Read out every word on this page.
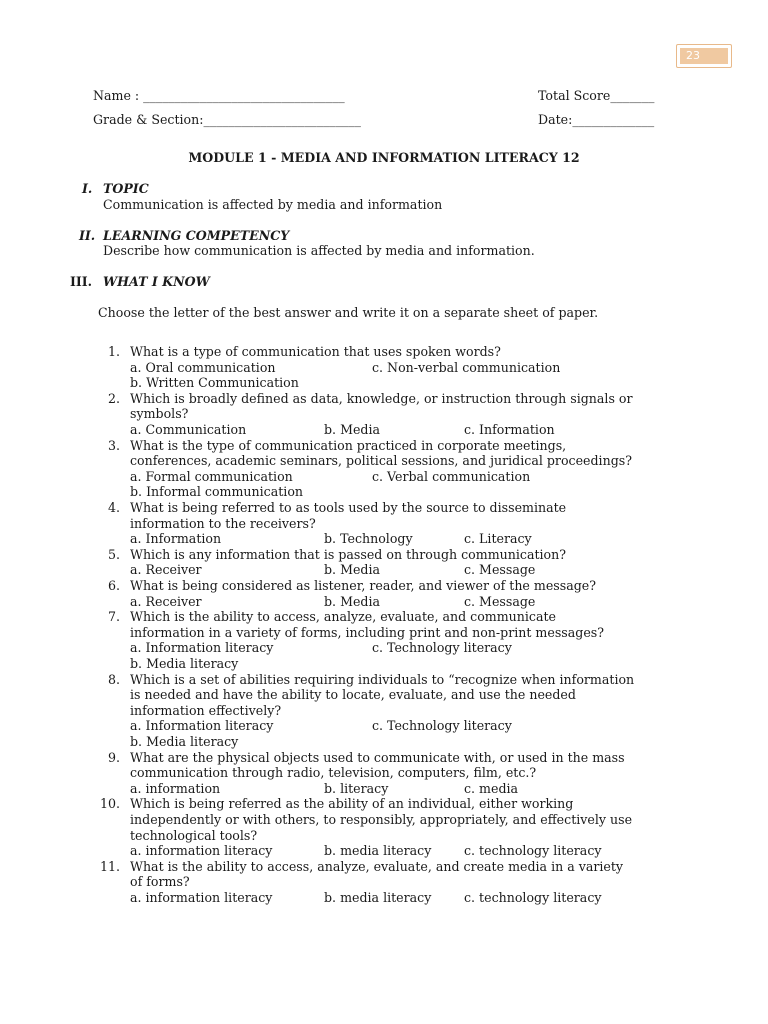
23
Name : ________________________________	Total Score_______
Grade & Section:_________________________	Date:_____________
MODULE 1 - MEDIA AND INFORMATION LITERACY 12
I. TOPIC
Communication is affected by media and information
II. LEARNING COMPETENCY
Describe how communication is affected by media and information.
III. WHAT I KNOW
Choose the letter of the best answer and write it on a separate sheet of paper.
1. What is a type of communication that uses spoken words?
a. Oral communication	c. Non-verbal communication
b. Written Communication
2. Which is broadly defined as data, knowledge, or instruction through signals or
symbols?
a. Communication	b. Media	c. Information
3. What is the type of communication practiced in corporate meetings,
conferences, academic seminars, political sessions, and juridical proceedings?
a. Formal communication	c. Verbal communication
b. Informal communication
4. What is being referred to as tools used by the source to disseminate
information to the receivers?
a. Information	b. Technology	c. Literacy
5. Which is any information that is passed on through communication?
a. Receiver	b. Media	c. Message
6. What is being considered as listener, reader, and viewer of the message?
a. Receiver	b. Media	c. Message
7. Which is the ability to access, analyze, evaluate, and communicate
information in a variety of forms, including print and non-print messages?
a. Information literacy	c. Technology literacy
b. Media literacy
8. Which is a set of abilities requiring individuals to “recognize when information
is needed and have the ability to locate, evaluate, and use the needed
information effectively?
a. Information literacy	c. Technology literacy
b. Media literacy
9. What are the physical objects used to communicate with, or used in the mass
communication through radio, television, computers, film, etc.?
a. information	b. literacy	c. media
10. Which is being referred as the ability of an individual, either working
independently or with others, to responsibly, appropriately, and effectively use
technological tools?
a. information literacy	b. media literacy	c. technology literacy
11. What is the ability to access, analyze, evaluate, and create media in a variety
of forms?
a. information literacy	b. media literacy	c. technology literacy
